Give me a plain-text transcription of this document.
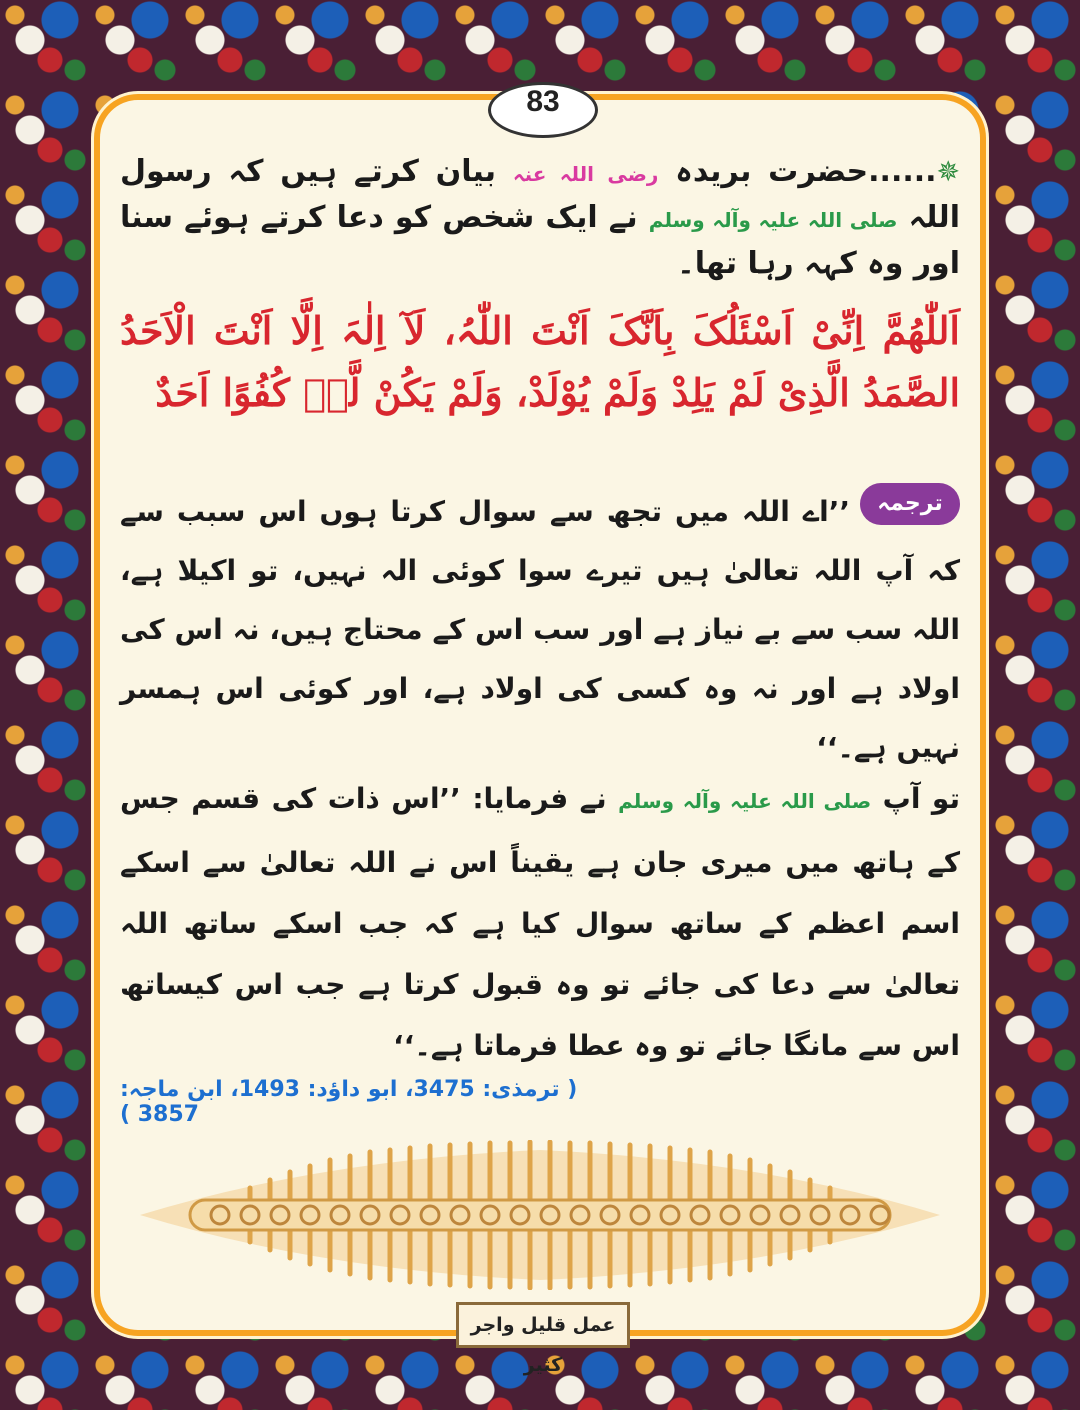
83
✵......حضرت بریدہ رضی اللہ عنہ بیان کرتے ہیں کہ رسول اللہ صلی اللہ علیہ وآلہ وسلم نے ایک شخص کو دعا کرتے ہوئے سنا اور وہ کہہ رہا تھا۔
اَللّٰھُمَّ اِنِّیْ اَسْئَلُکَ بِاَنَّکَ اَنْتَ اللّٰہُ، لَآ اِلٰہَ اِلَّا اَنْتَ الْاَحَدُ الصَّمَدُ الَّذِیْ لَمْ یَلِدْ وَلَمْ یُوْلَدْ، وَلَمْ یَکُنْ لَّہٗ کُفُوًا اَحَدٌ
ترجمہ
’’اے اللہ میں تجھ سے سوال کرتا ہوں اس سبب سے کہ آپ اللہ تعالیٰ ہیں تیرے سوا کوئی الہ نہیں، تو اکیلا ہے، اللہ سب سے بے نیاز ہے اور سب اس کے محتاج ہیں، نہ اس کی اولاد ہے اور نہ وہ کسی کی اولاد ہے، اور کوئی اس ہمسر نہیں ہے۔‘‘
تو آپ صلی اللہ علیہ وآلہ وسلم نے فرمایا: ’’اس ذات کی قسم جس کے ہاتھ میں میری جان ہے یقیناً اس نے اللہ تعالیٰ سے اسکے اسم اعظم کے ساتھ سوال کیا ہے کہ جب اسکے ساتھ اللہ تعالیٰ سے دعا کی جائے تو وہ قبول کرتا ہے جب اس کیساتھ اس سے مانگا جائے تو وہ عطا فرماتا ہے۔‘‘
( ترمذی: 3475، ابو داؤد: 1493، ابن ماجہ: 3857 )
عمل قلیل واجر کثیر
